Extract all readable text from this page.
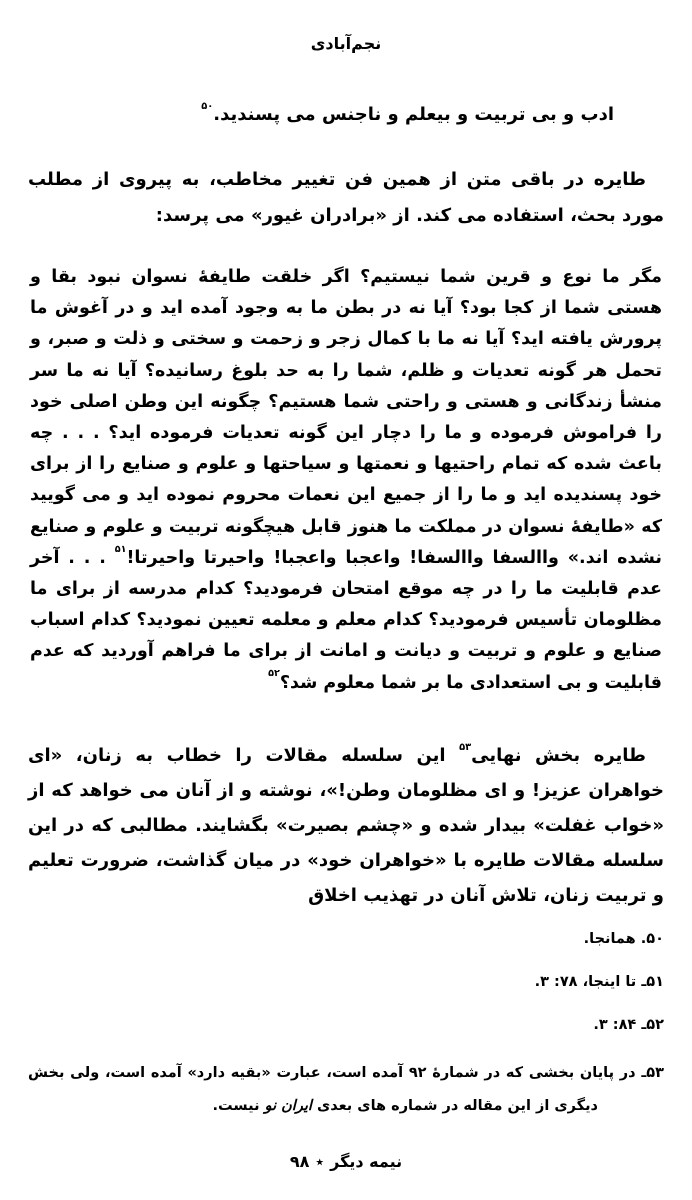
نجم‌آبادی
ادب و بی تربیت و بیعلم و ناجنس می پسندید.$^{۵۰}$
طایره در باقی متن از همین فن تغییر مخاطب، به پیروی از مطلب مورد بحث، استفاده می کند. از «برادران غیور» می پرسد:
مگر ما نوع و قرین شما نیستیم؟ اگر خلقت طایفهٔ نسوان نبود بقا و هستی شما از کجا بود؟ آیا نه در بطن ما به وجود آمده اید و در آغوش ما پرورش یافته اید؟ آیا نه ما با کمال زجر و زحمت و سختی و ذلت و صبر، و تحمل هر گونه تعدیات و ظلم، شما را به حد بلوغ رسانیده؟ آیا نه ما سر منشأ زندگانی و هستی و راحتی شما هستیم؟ چگونه این وطن اصلی خود را فراموش فرموده و ما را دچار این گونه تعدیات فرموده اید؟ . . . چه باعث شده که تمام راحتیها و نعمتها و سیاحتها و علوم و صنایع را از برای خود پسندیده اید و ما را از جمیع این نعمات محروم نموده اید و می گویید که «طایفهٔ نسوان در مملکت ما هنوز قابل هیچگونه تربیت و علوم و صنایع نشده اند.» واالسفا واالسفا! واعجبا واعجبا! واحیرتا واحیرتا!$^{۵۱}$ . . . آخر عدم قابلیت ما را در چه موقع امتحان فرمودید؟ کدام مدرسه از برای ما مظلومان تأسیس فرمودید؟ کدام معلم و معلمه تعیین نمودید؟ کدام اسباب صنایع و علوم و تربیت و دیانت و امانت از برای ما فراهم آوردید که عدم قابلیت و بی استعدادی ما بر شما معلوم شد؟$^{۵۲}$
طایره بخش نهایی$^{۵۳}$ این سلسله مقالات را خطاب به زنان، «ای خواهران عزیز! و ای مظلومان وطن!»، نوشته و از آنان می خواهد که از «خواب غفلت» بیدار شده و «چشم بصیرت» بگشایند. مطالبی که در این سلسله مقالات طایره با «خواهران خود» در میان گذاشت، ضرورت تعلیم و تربیت زنان، تلاش آنان در تهذیب اخلاق
۵۰. همانجا.
۵۱ـ تا اینجا، ۷۸: ۳.
۵۲ـ ۸۴: ۳.
۵۳ـ در پایان بخشی که در شمارهٔ ۹۲ آمده است، عبارت «بقیه دارد» آمده است، ولی بخش دیگری از این مقاله در شماره های بعدی ایران نو نیست.
نیمه دیگر٭۹۸
